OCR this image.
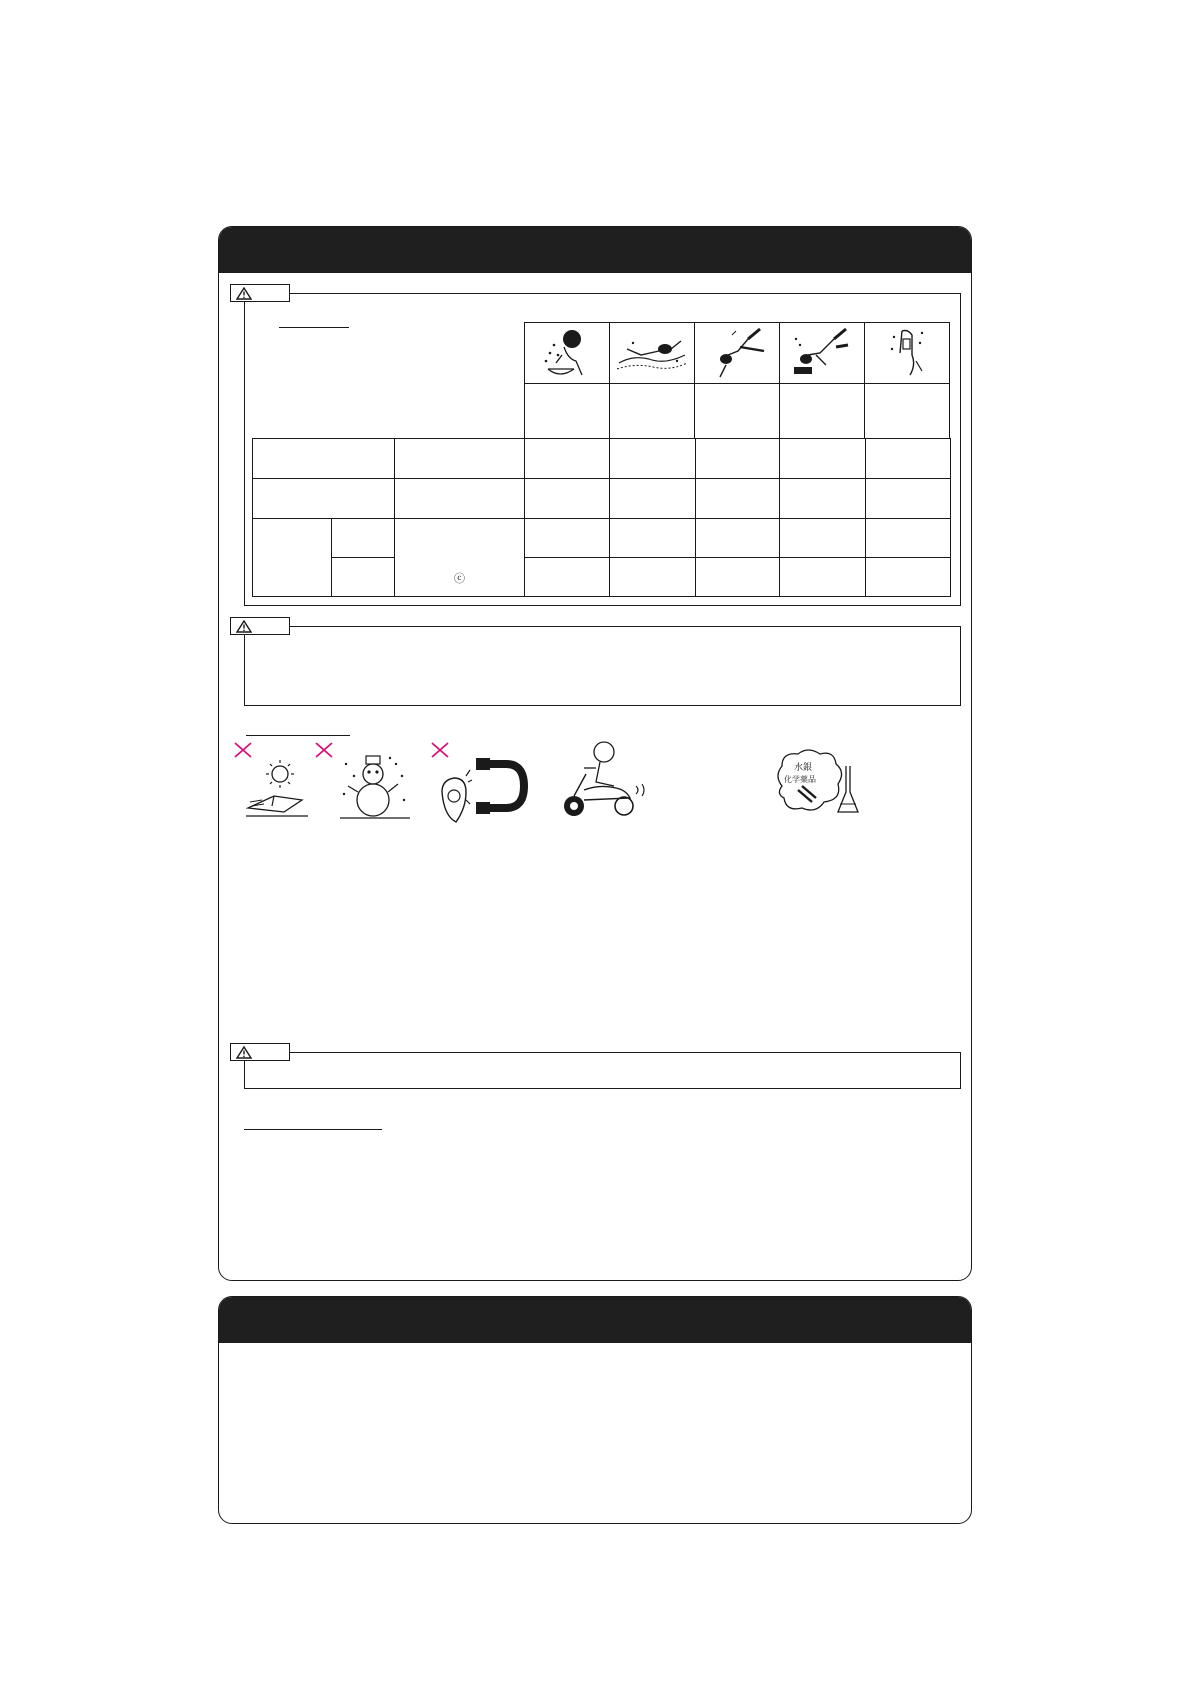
		ⓒ					

水銀
化学薬品
